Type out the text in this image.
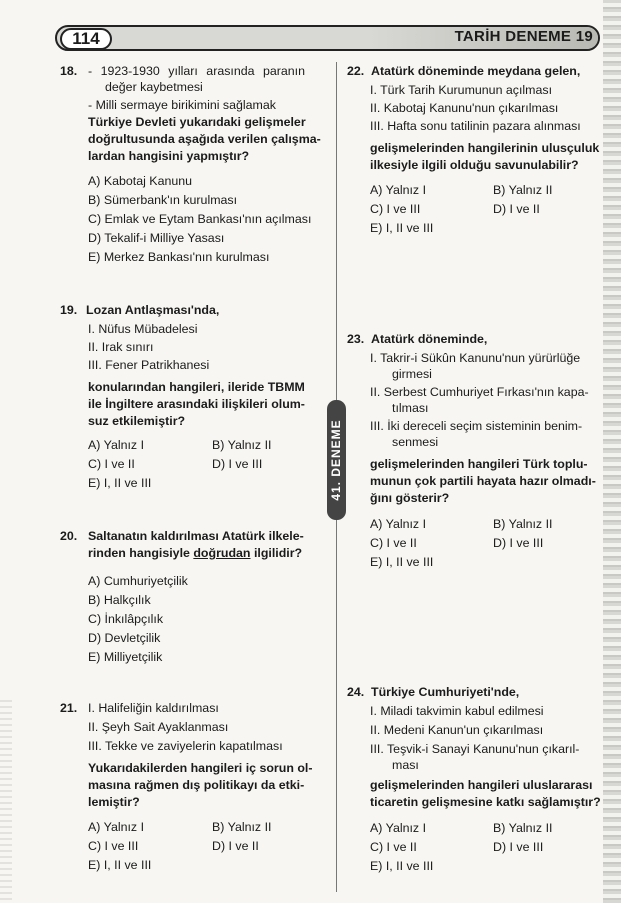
114	TARİH DENEME 19
41. DENEME
18. - 1923-1930 yılları arasında paranın
değer kaybetmesi
- Milli sermaye birikimini sağlamak
Türkiye Devleti yukarıdaki gelişmeler
doğrultusunda aşağıda verilen çalışma-
lardan hangisini yapmıştır?
A) Kabotaj Kanunu
B) Sümerbank'ın kurulması
C) Emlak ve Eytam Bankası'nın açılması
D) Tekalif-i Milliye Yasası
E) Merkez Bankası'nın kurulması
19. Lozan Antlaşması'nda,
I. Nüfus Mübadelesi
II. Irak sınırı
III. Fener Patrikhanesi
konularından hangileri, ileride TBMM
ile İngiltere arasındaki ilişkileri olum-
suz etkilemiştir?
A) Yalnız I	B) Yalnız II
C) I ve II	D) I ve III
E) I, II ve III
20. Saltanatın kaldırılması Atatürk ilkele-
rinden hangisiyle doğrudan ilgilidir?
A) Cumhuriyetçilik
B) Halkçılık
C) İnkılâpçılık
D) Devletçilik
E) Milliyetçilik
21. I. Halifeliğin kaldırılması
II. Şeyh Sait Ayaklanması
III. Tekke ve zaviyelerin kapatılması
Yukarıdakilerden hangileri iç sorun ol-
masına rağmen dış politikayı da etki-
lemiştir?
A) Yalnız I	B) Yalnız II
C) I ve III	D) I ve II
E) I, II ve III
22. Atatürk döneminde meydana gelen,
I. Türk Tarih Kurumunun açılması
II. Kabotaj Kanunu'nun çıkarılması
III. Hafta sonu tatilinin pazara alınması
gelişmelerinden hangilerinin ulusçuluk
ilkesiyle ilgili olduğu savunulabilir?
A) Yalnız I	B) Yalnız II
C) I ve III	D) I ve II
E) I, II ve III
23. Atatürk döneminde,
I. Takrir-i Sükûn Kanunu'nun yürürlüğe
girmesi
II. Serbest Cumhuriyet Fırkası'nın kapa-
tılması
III. İki dereceli seçim sisteminin benim-
senmesi
gelişmelerinden hangileri Türk toplu-
munun çok partili hayata hazır olmadı-
ğını gösterir?
A) Yalnız I	B) Yalnız II
C) I ve II	D) I ve III
E) I, II ve III
24. Türkiye Cumhuriyeti'nde,
I. Miladi takvimin kabul edilmesi
II. Medeni Kanun'un çıkarılması
III. Teşvik-i Sanayi Kanunu'nun çıkarıl-
ması
gelişmelerinden hangileri uluslararası
ticaretin gelişmesine katkı sağlamıştır?
A) Yalnız I	B) Yalnız II
C) I ve II	D) I ve III
E) I, II ve III
